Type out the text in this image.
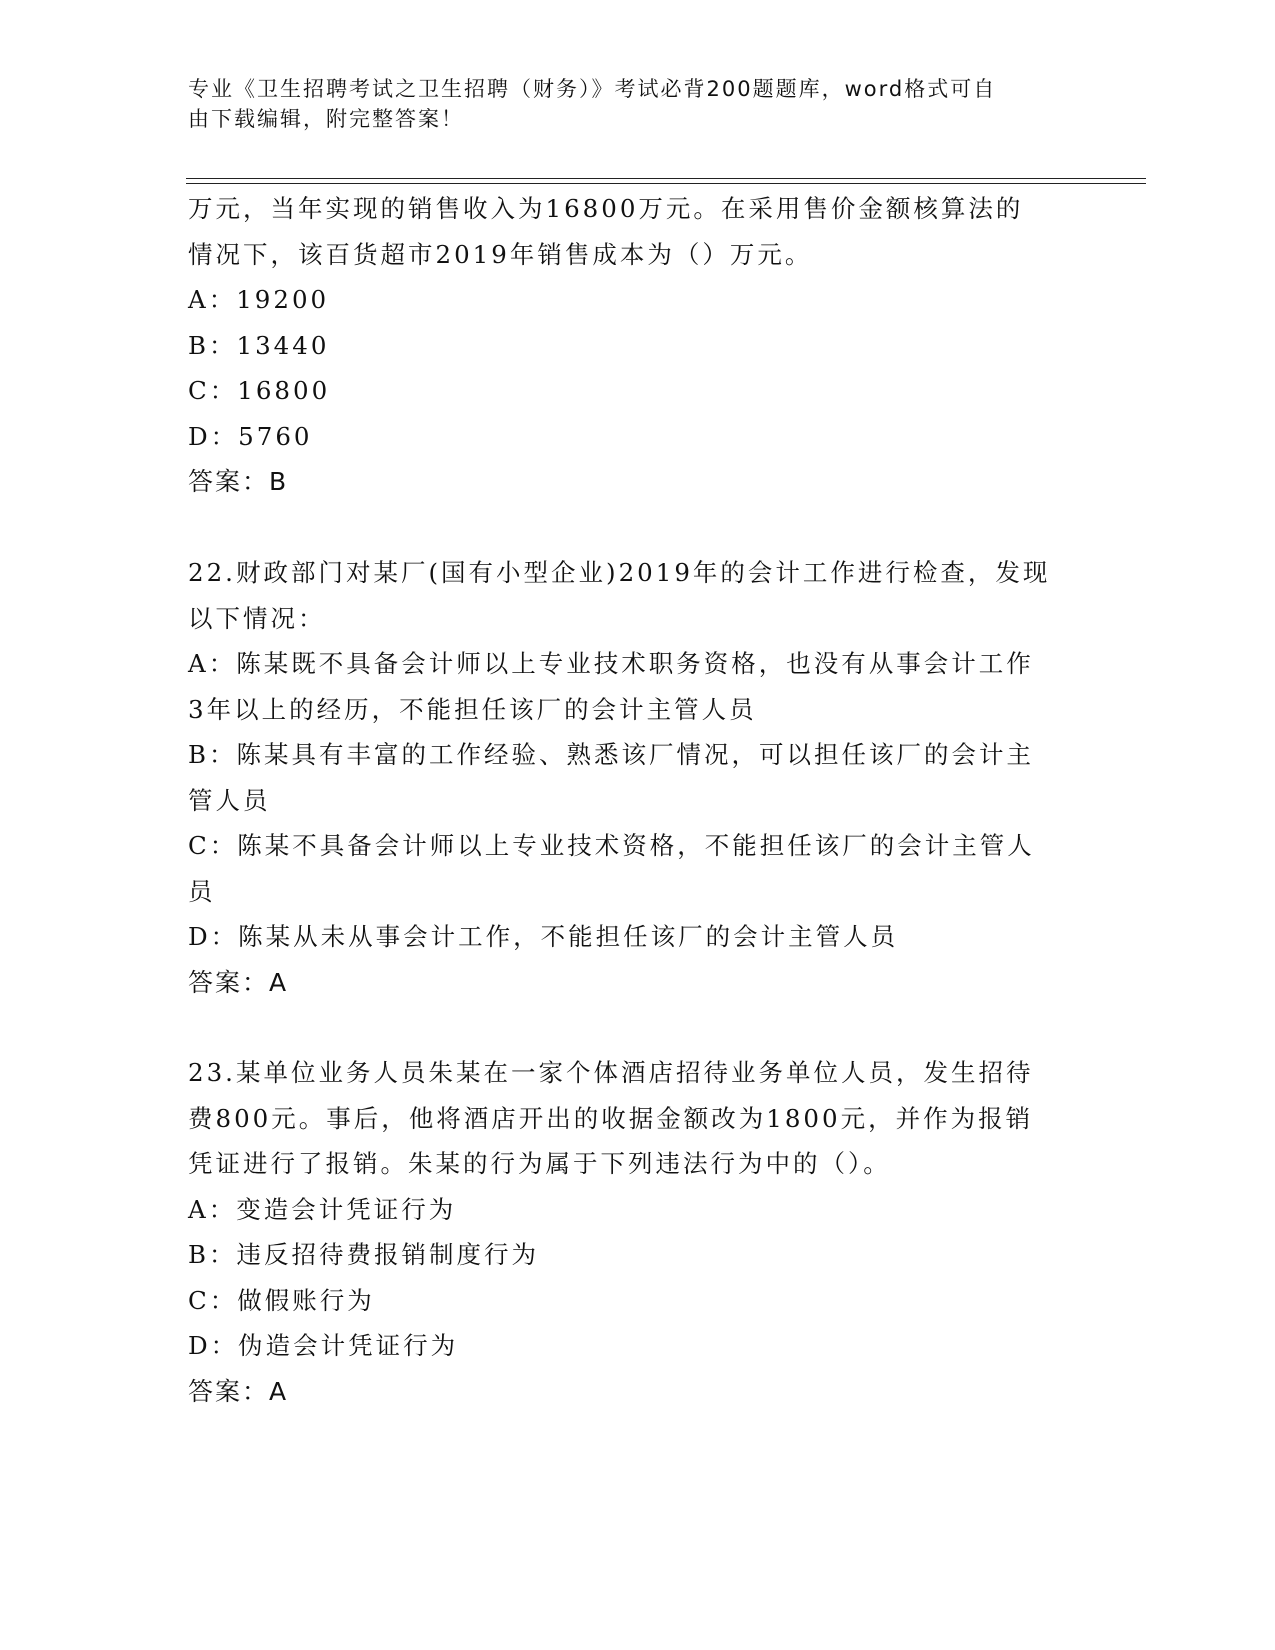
专业《卫生招聘考试之卫生招聘（财务）》考试必背200题题库，word格式可自
由下载编辑，附完整答案！
万元，当年实现的销售收入为16800万元。在采用售价金额核算法的
情况下，该百货超市2019年销售成本为（）万元。
A：19200
B：13440
C：16800
D：5760
答案：B
22.财政部门对某厂(国有小型企业)2019年的会计工作进行检查，发现
以下情况：
A：陈某既不具备会计师以上专业技术职务资格，也没有从事会计工作
3年以上的经历，不能担任该厂的会计主管人员
B：陈某具有丰富的工作经验、熟悉该厂情况，可以担任该厂的会计主
管人员
C：陈某不具备会计师以上专业技术资格，不能担任该厂的会计主管人
员
D：陈某从未从事会计工作，不能担任该厂的会计主管人员
答案：A
23.某单位业务人员朱某在一家个体酒店招待业务单位人员，发生招待
费800元。事后，他将酒店开出的收据金额改为1800元，并作为报销
凭证进行了报销。朱某的行为属于下列违法行为中的（）。
A：变造会计凭证行为
B：违反招待费报销制度行为
C：做假账行为
D：伪造会计凭证行为
答案：A
